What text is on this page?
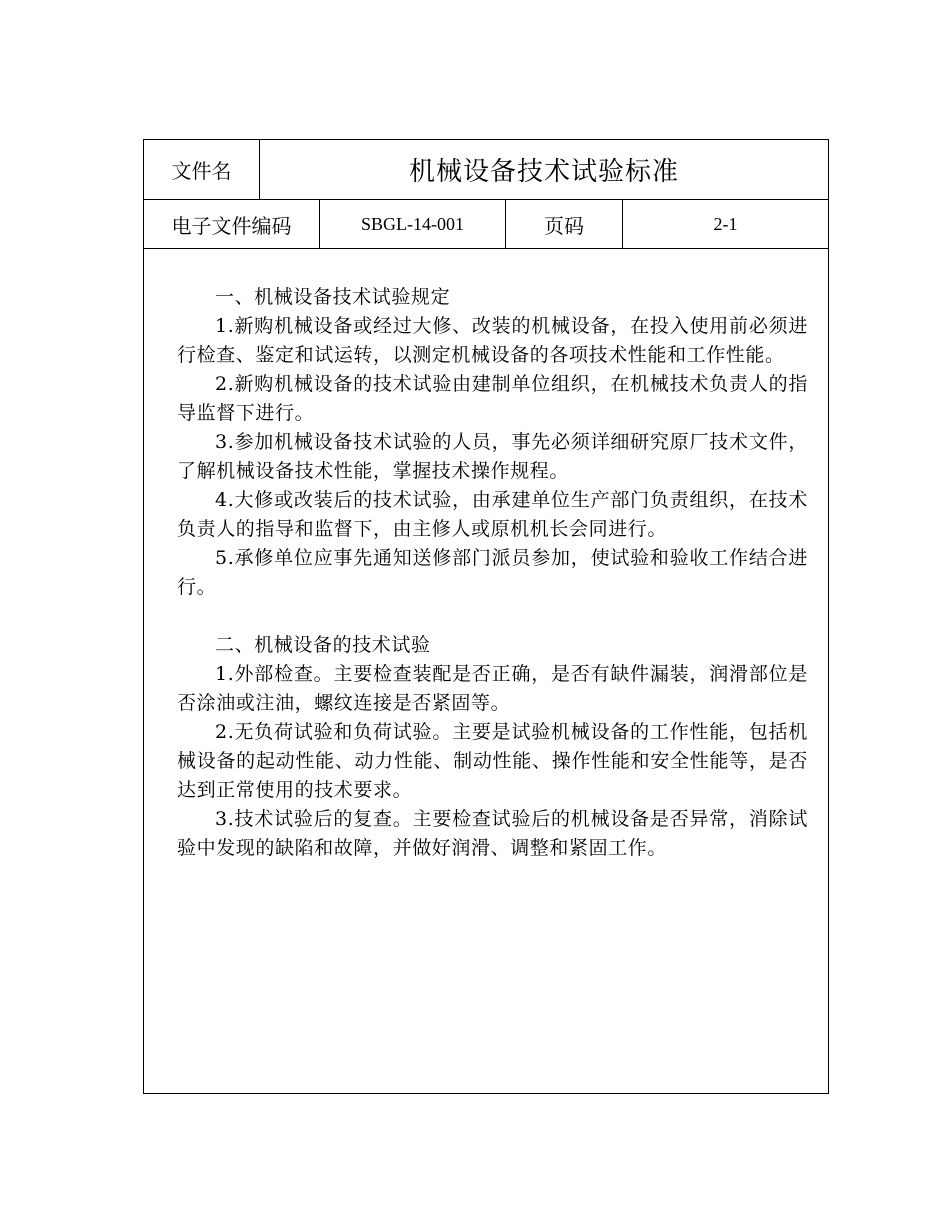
文件名	机械设备技术试验标准
电子文件编码	SBGL-14-001	页码	2-1

一、机械设备技术试验规定

1.新购机械设备或经过大修、改装的机械设备，在投入使用前必须进行检查、鉴定和试运转，以测定机械设备的各项技术性能和工作性能。

2.新购机械设备的技术试验由建制单位组织，在机械技术负责人的指导监督下进行。

3.参加机械设备技术试验的人员，事先必须详细研究原厂技术文件，了解机械设备技术性能，掌握技术操作规程。

4.大修或改装后的技术试验，由承建单位生产部门负责组织，在技术负责人的指导和监督下，由主修人或原机机长会同进行。

5.承修单位应事先通知送修部门派员参加，使试验和验收工作结合进行。

二、机械设备的技术试验

1.外部检查。主要检查装配是否正确，是否有缺件漏装，润滑部位是否涂油或注油，螺纹连接是否紧固等。

2.无负荷试验和负荷试验。主要是试验机械设备的工作性能，包括机械设备的起动性能、动力性能、制动性能、操作性能和安全性能等，是否达到正常使用的技术要求。

3.技术试验后的复查。主要检查试验后的机械设备是否异常，消除试验中发现的缺陷和故障，并做好润滑、调整和紧固工作。
